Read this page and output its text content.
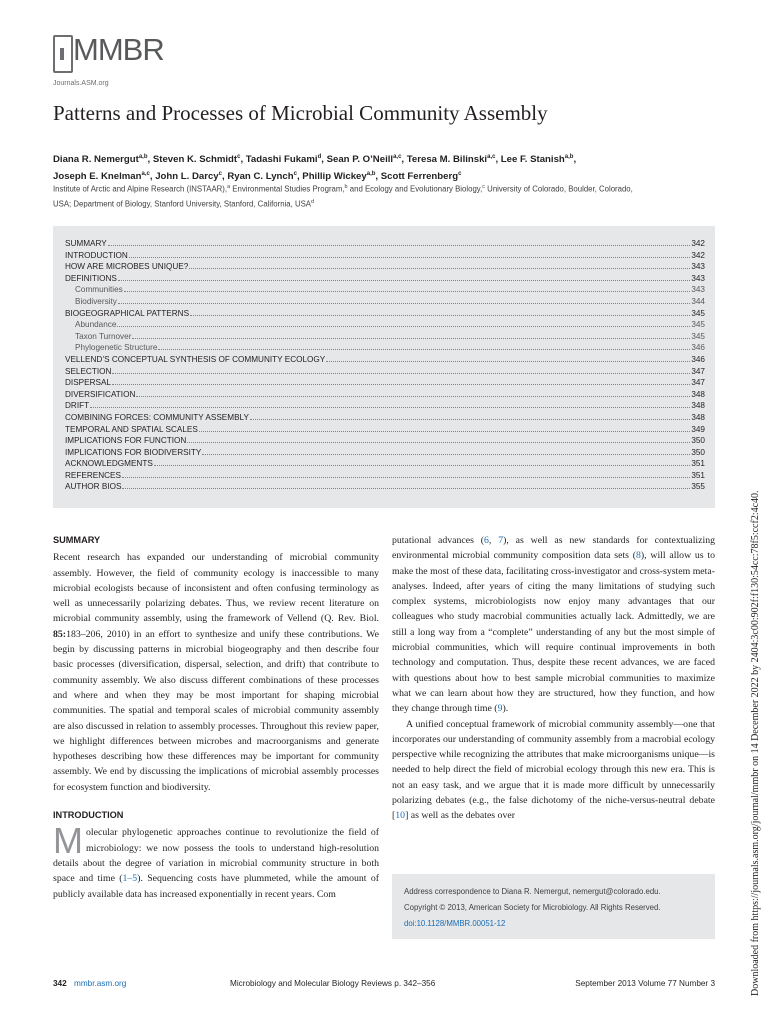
MMBR
Journals.ASM.org
Patterns and Processes of Microbial Community Assembly
Diana R. Nemergut$^{a,b}$, Steven K. Schmidt$^c$, Tadashi Fukami$^d$, Sean P. O’Neill$^{a,c}$, Teresa M. Bilinski$^{a,c}$, Lee F. Stanish$^{a,b}$,
Joseph E. Knelman$^{a,c}$, John L. Darcy$^c$, Ryan C. Lynch$^c$, Phillip Wickey$^{a,b}$, Scott Ferrenberg$^c$
Institute of Arctic and Alpine Research (INSTAAR),$^a$ Environmental Studies Program,$^b$ and Ecology and Evolutionary Biology,$^c$ University of Colorado, Boulder, Colorado,
USA; Department of Biology, Stanford University, Stanford, California, USA$^d$
SUMMARY	342
INTRODUCTION	342
HOW ARE MICROBES UNIQUE?	343
DEFINITIONS	343
Communities	343
Biodiversity	344
BIOGEOGRAPHICAL PATTERNS	345
Abundance	345
Taxon Turnover	345
Phylogenetic Structure	346
VELLEND’S CONCEPTUAL SYNTHESIS OF COMMUNITY ECOLOGY	346
SELECTION	347
DISPERSAL	347
DIVERSIFICATION	348
DRIFT	348
COMBINING FORCES: COMMUNITY ASSEMBLY	348
TEMPORAL AND SPATIAL SCALES	349
IMPLICATIONS FOR FUNCTION	350
IMPLICATIONS FOR BIODIVERSITY	350
ACKNOWLEDGMENTS	351
REFERENCES	351
AUTHOR BIOS	355
SUMMARY

Recent research has expanded our understanding of microbial community assembly. However, the field of community ecology is inaccessible to many microbial ecologists because of inconsistent and often confusing terminology as well as unnecessarily polarizing debates. Thus, we review recent literature on microbial community assembly, using the framework of Vellend (Q. Rev. Biol. 85:183–206, 2010) in an effort to synthesize and unify these contributions. We begin by discussing patterns in microbial biogeography and then describe four basic processes (diversification, dispersal, selection, and drift) that contribute to community assembly. We also discuss different combinations of these processes and where and when they may be most important for shaping microbial communities. The spatial and temporal scales of microbial community assembly are also discussed in relation to assembly processes. Throughout this review paper, we highlight differences between microbes and macroorganisms and generate hypotheses describing how these differences may be important for community assembly. We end by discussing the implications of microbial assembly processes for ecosystem function and biodiversity.

INTRODUCTION

Molecular phylogenetic approaches continue to revolutionize the field of microbiology: we now possess the tools to understand high-resolution details about the degree of variation in microbial community structure in both space and time (1–5). Sequencing costs have plummeted, while the amount of publicly available data has increased exponentially in recent years. Com

putational advances (6, 7), as well as new standards for contextualizing environmental microbial community composition data sets (8), will allow us to make the most of these data, facilitating cross-investigator and cross-system meta-analyses. Indeed, after years of citing the many limitations of studying such complex systems, microbiologists now enjoy many advantages that our colleagues who study macrobial communities actually lack. Admittedly, we are still a long way from a “complete” understanding of any but the most simple of microbial communities, which will require continual improvements in both technology and computation. Thus, despite these recent advances, we are faced with questions about how to best sample microbial communities to maximize what we can learn about how they are structured, how they function, and how they change through time (9).

A unified conceptual framework of microbial community assembly—one that incorporates our understanding of community assembly from a macrobial ecology perspective while recognizing the attributes that make microorganisms unique—is needed to help direct the field of microbial ecology through this new era. This is not an easy task, and we argue that it is made more difficult by unnecessarily polarizing debates (e.g., the false dichotomy of the niche-versus-neutral debate [10] as well as the debates over

Address correspondence to Diana R. Nemergut, nemergut@colorado.edu.
Copyright © 2013, American Society for Microbiology. All Rights Reserved.
doi:10.1128/MMBR.00051-12
342 mmbr.asm.org	Microbiology and Molecular Biology Reviews p. 342–356	September 2013 Volume 77 Number 3	Downloaded from https://journals.asm.org/journal/mmbr on 14 December 2022 by 2404:3c00:902f:f130:54cc:78f5:ccf2:4c40.
